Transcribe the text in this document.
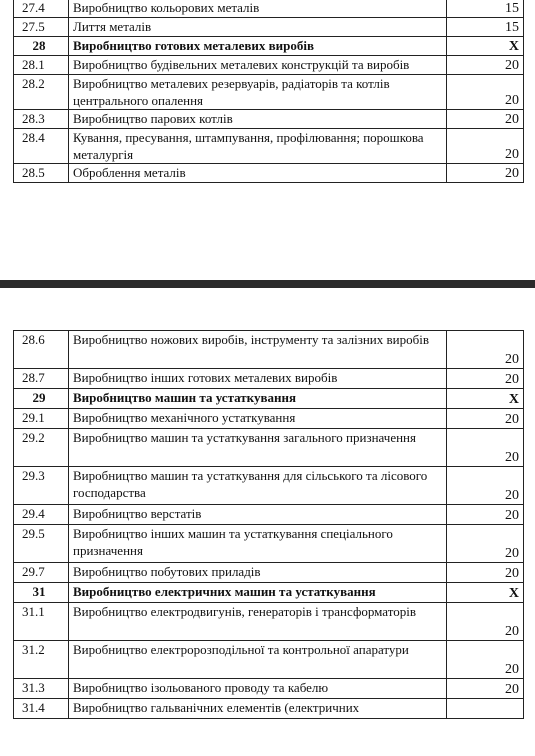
27.4	Виробництво кольорових металів	15
27.5	Лиття металів	15
28	Виробництво готових металевих виробів	Х
28.1	Виробництво будівельних металевих конструкцій та виробів	20
28.2	Виробництво металевих резервуарів, радіаторів та котлів центрального опалення	20
28.3	Виробництво парових котлів	20
28.4	Кування, пресування, штампування, профілювання; порошкова металургія	20
28.5	Оброблення металів	20
28.6	Виробництво ножових виробів, інструменту та залізних виробів	20
28.7	Виробництво інших готових металевих виробів	20
29	Виробництво машин та устаткування	Х
29.1	Виробництво механічного устаткування	20
29.2	Виробництво машин та устаткування загального призначення	20
29.3	Виробництво машин та устаткування для сільського та лісового господарства	20
29.4	Виробництво верстатів	20
29.5	Виробництво інших машин та устаткування спеціального призначення	20
29.7	Виробництво побутових приладів	20
31	Виробництво електричних машин та устаткування	Х
31.1	Виробництво електродвигунів, генераторів і трансформаторів	20
31.2	Виробництво електророзподільної та контрольної апаратури	20
31.3	Виробництво ізольованого проводу та кабелю	20
31.4	Виробництво гальванічних елементів (електричних	
